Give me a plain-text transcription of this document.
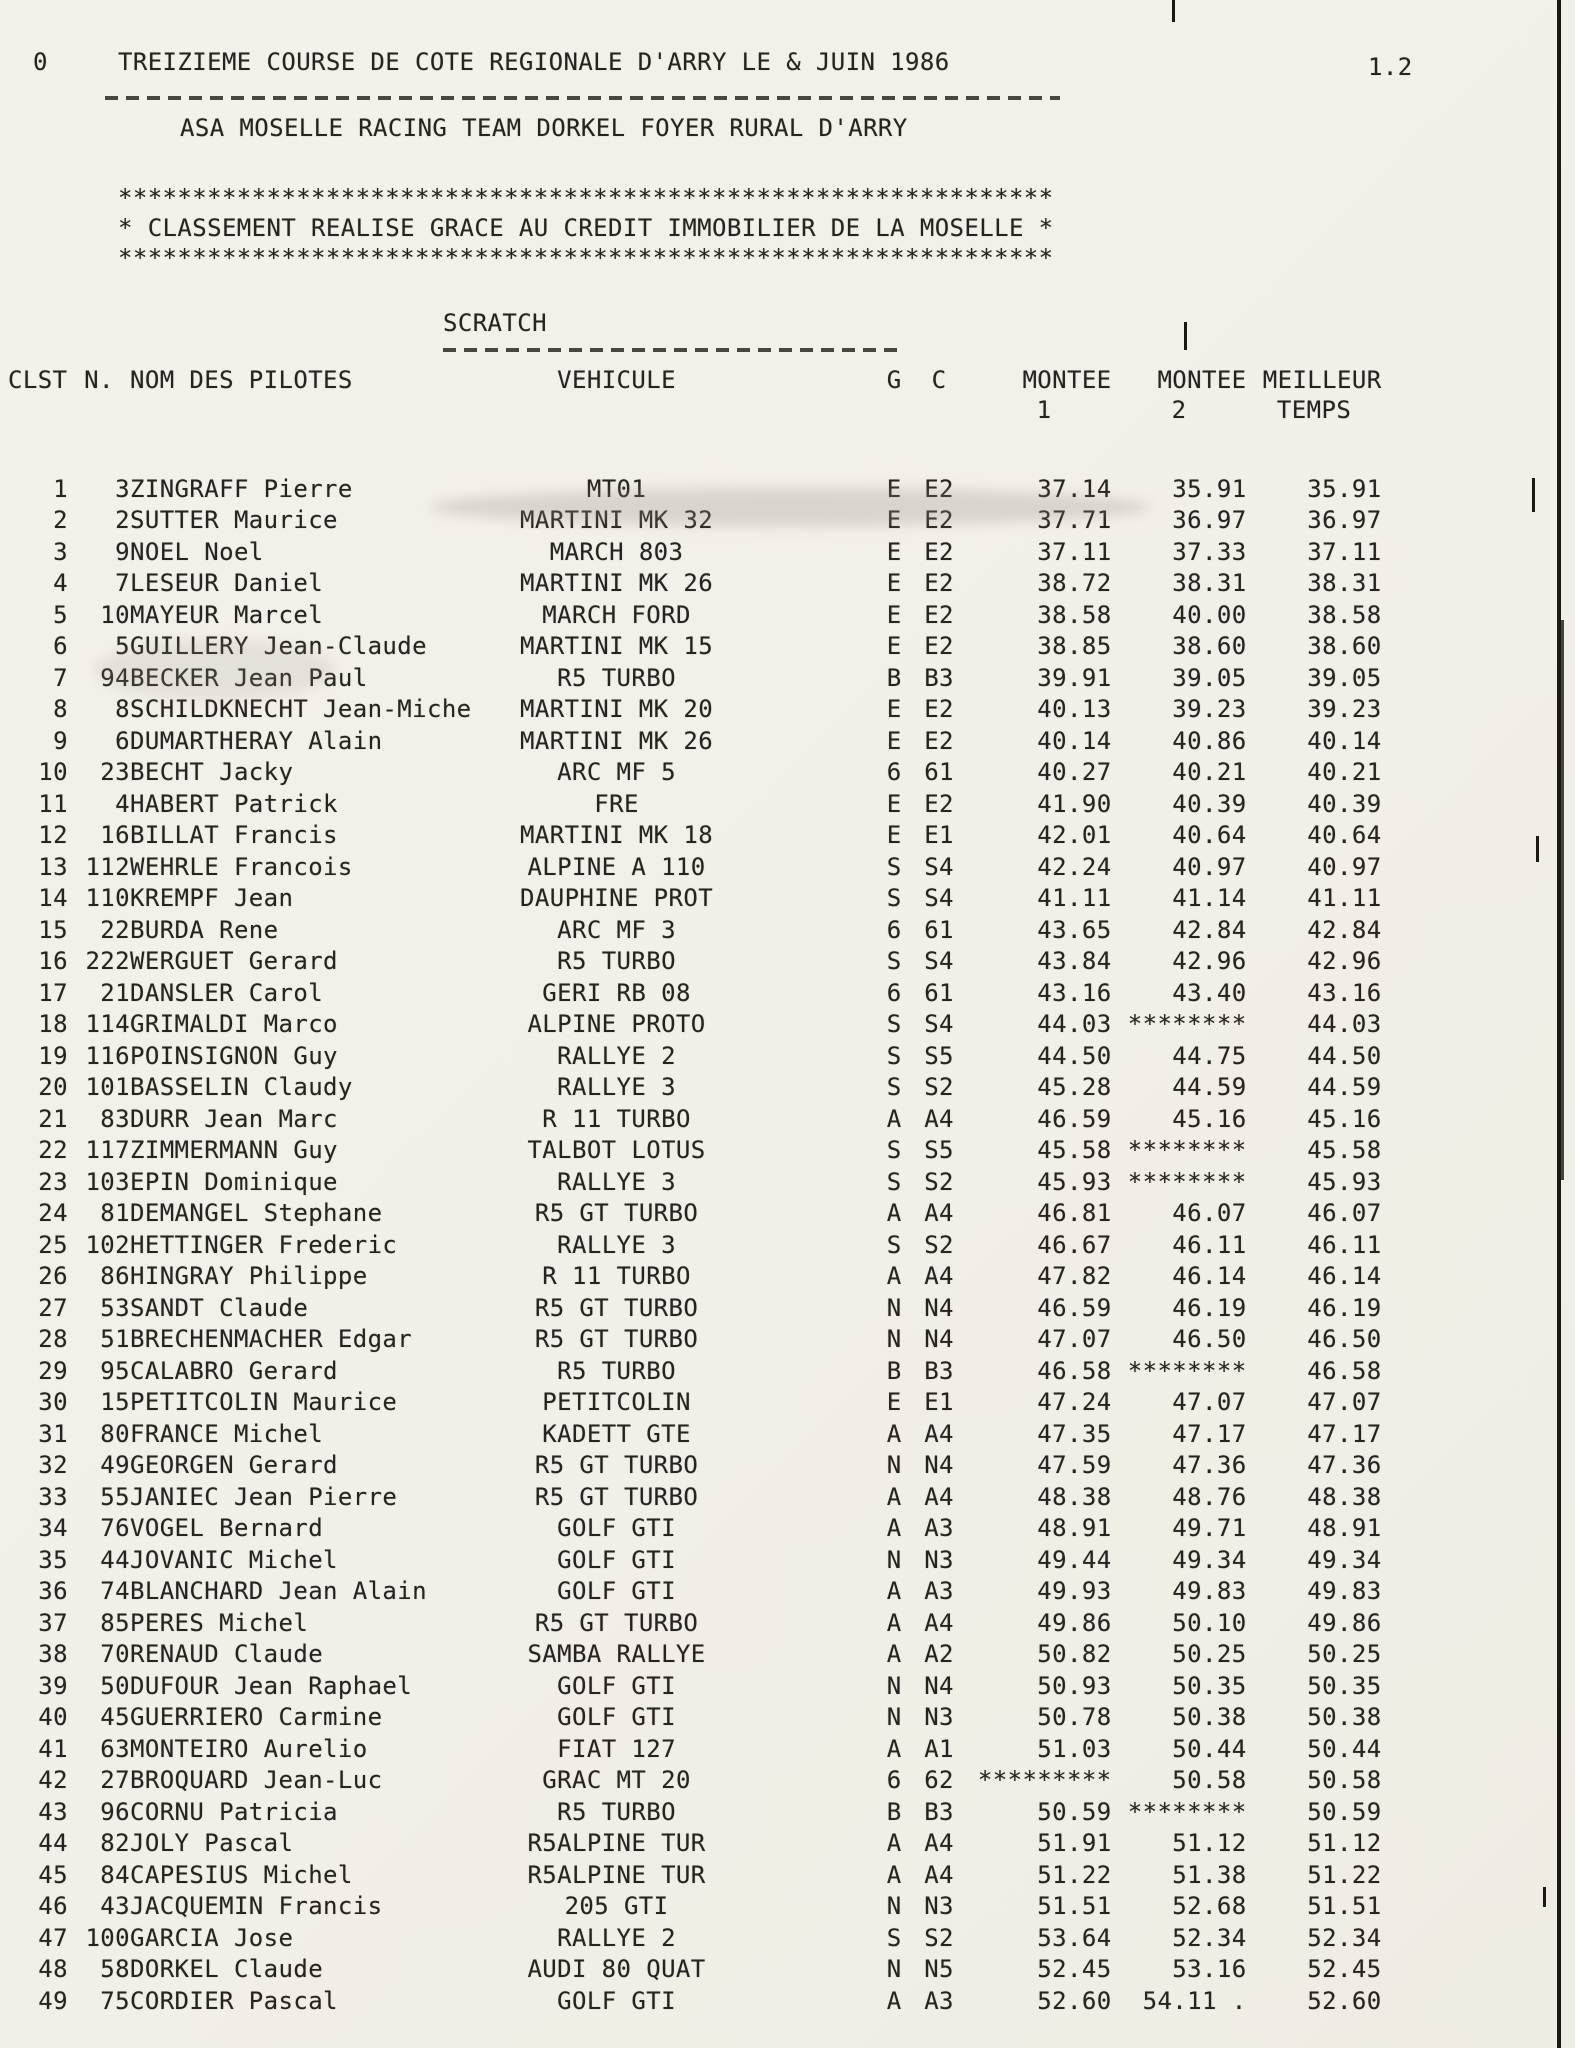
0	TREIZIEME COURSE DE COTE REGIONALE D'ARRY LE & JUIN 1986	1.2
ASA MOSELLE RACING TEAM DORKEL FOYER RURAL D'ARRY
***************************************************************
* CLASSEMENT REALISE GRACE AU CREDIT IMMOBILIER DE LA MOSELLE *
***************************************************************
SCRATCH
CLST	N.	NOM DES PILOTES	VEHICULE	G	C	MONTEE	MONTEE	MEILLEUR
						1	2	TEMPS

1	3	ZINGRAFF Pierre	MT01	E	E2	37.14	35.91	35.91
2	2	SUTTER Maurice	MARTINI MK 32	E	E2	37.71	36.97	36.97
3	9	NOEL Noel	MARCH 803	E	E2	37.11	37.33	37.11
4	7	LESEUR Daniel	MARTINI MK 26	E	E2	38.72	38.31	38.31
5	10	MAYEUR Marcel	MARCH FORD	E	E2	38.58	40.00	38.58
6	5	GUILLERY Jean-Claude	MARTINI MK 15	E	E2	38.85	38.60	38.60
7	94	BECKER Jean Paul	R5 TURBO	B	B3	39.91	39.05	39.05
8	8	SCHILDKNECHT Jean-Miche	MARTINI MK 20	E	E2	40.13	39.23	39.23
9	6	DUMARTHERAY Alain	MARTINI MK 26	E	E2	40.14	40.86	40.14
10	23	BECHT Jacky	ARC MF 5	6	61	40.27	40.21	40.21
11	4	HABERT Patrick	FRE	E	E2	41.90	40.39	40.39
12	16	BILLAT Francis	MARTINI MK 18	E	E1	42.01	40.64	40.64
13	112	WEHRLE Francois	ALPINE A 110	S	S4	42.24	40.97	40.97
14	110	KREMPF Jean	DAUPHINE PROT	S	S4	41.11	41.14	41.11
15	22	BURDA Rene	ARC MF 3	6	61	43.65	42.84	42.84
16	222	WERGUET Gerard	R5 TURBO	S	S4	43.84	42.96	42.96
17	21	DANSLER Carol	GERI RB 08	6	61	43.16	43.40	43.16
18	114	GRIMALDI Marco	ALPINE PROTO	S	S4	44.03	********	44.03
19	116	POINSIGNON Guy	RALLYE 2	S	S5	44.50	44.75	44.50
20	101	BASSELIN Claudy	RALLYE 3	S	S2	45.28	44.59	44.59
21	83	DURR Jean Marc	R 11 TURBO	A	A4	46.59	45.16	45.16
22	117	ZIMMERMANN Guy	TALBOT LOTUS	S	S5	45.58	********	45.58
23	103	EPIN Dominique	RALLYE 3	S	S2	45.93	********	45.93
24	81	DEMANGEL Stephane	R5 GT TURBO	A	A4	46.81	46.07	46.07
25	102	HETTINGER Frederic	RALLYE 3	S	S2	46.67	46.11	46.11
26	86	HINGRAY Philippe	R 11 TURBO	A	A4	47.82	46.14	46.14
27	53	SANDT Claude	R5 GT TURBO	N	N4	46.59	46.19	46.19
28	51	BRECHENMACHER Edgar	R5 GT TURBO	N	N4	47.07	46.50	46.50
29	95	CALABRO Gerard	R5 TURBO	B	B3	46.58	********	46.58
30	15	PETITCOLIN Maurice	PETITCOLIN	E	E1	47.24	47.07	47.07
31	80	FRANCE Michel	KADETT GTE	A	A4	47.35	47.17	47.17
32	49	GEORGEN Gerard	R5 GT TURBO	N	N4	47.59	47.36	47.36
33	55	JANIEC Jean Pierre	R5 GT TURBO	A	A4	48.38	48.76	48.38
34	76	VOGEL Bernard	GOLF GTI	A	A3	48.91	49.71	48.91
35	44	JOVANIC Michel	GOLF GTI	N	N3	49.44	49.34	49.34
36	74	BLANCHARD Jean Alain	GOLF GTI	A	A3	49.93	49.83	49.83
37	85	PERES Michel	R5 GT TURBO	A	A4	49.86	50.10	49.86
38	70	RENAUD Claude	SAMBA RALLYE	A	A2	50.82	50.25	50.25
39	50	DUFOUR Jean Raphael	GOLF GTI	N	N4	50.93	50.35	50.35
40	45	GUERRIERO Carmine	GOLF GTI	N	N3	50.78	50.38	50.38
41	63	MONTEIRO Aurelio	FIAT 127	A	A1	51.03	50.44	50.44
42	27	BROQUARD Jean-Luc	GRAC MT 20	6	62	*********	50.58	50.58
43	96	CORNU Patricia	R5 TURBO	B	B3	50.59	********	50.59
44	82	JOLY Pascal	R5ALPINE TUR	A	A4	51.91	51.12	51.12
45	84	CAPESIUS Michel	R5ALPINE TUR	A	A4	51.22	51.38	51.22
46	43	JACQUEMIN Francis	205 GTI	N	N3	51.51	52.68	51.51
47	100	GARCIA Jose	RALLYE 2	S	S2	53.64	52.34	52.34
48	58	DORKEL Claude	AUDI 80 QUAT	N	N5	52.45	53.16	52.45
49	75	CORDIER Pascal	GOLF GTI	A	A3	52.60	54.11 .	52.60
